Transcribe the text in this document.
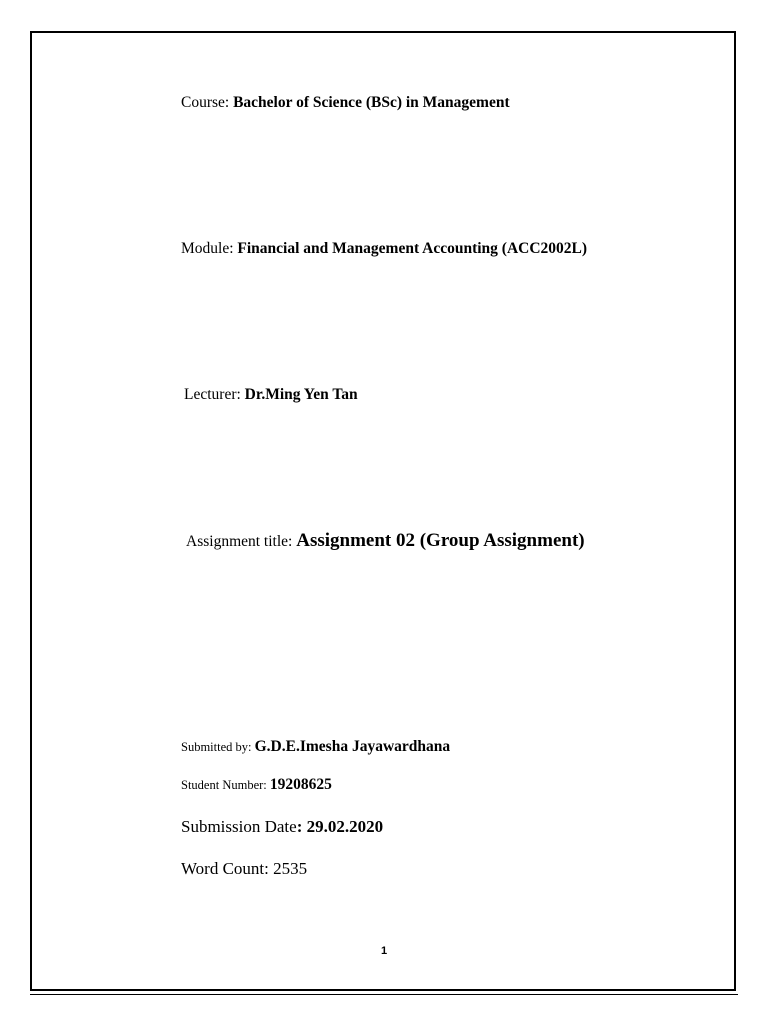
Course: Bachelor of Science (BSc) in Management
Module: Financial and Management Accounting (ACC2002L)
Lecturer: Dr.Ming Yen Tan
Assignment title: Assignment 02 (Group Assignment)
Submitted by: G.D.E.Imesha Jayawardhana
Student Number: 19208625
Submission Date: 29.02.2020
Word Count: 2535
1
